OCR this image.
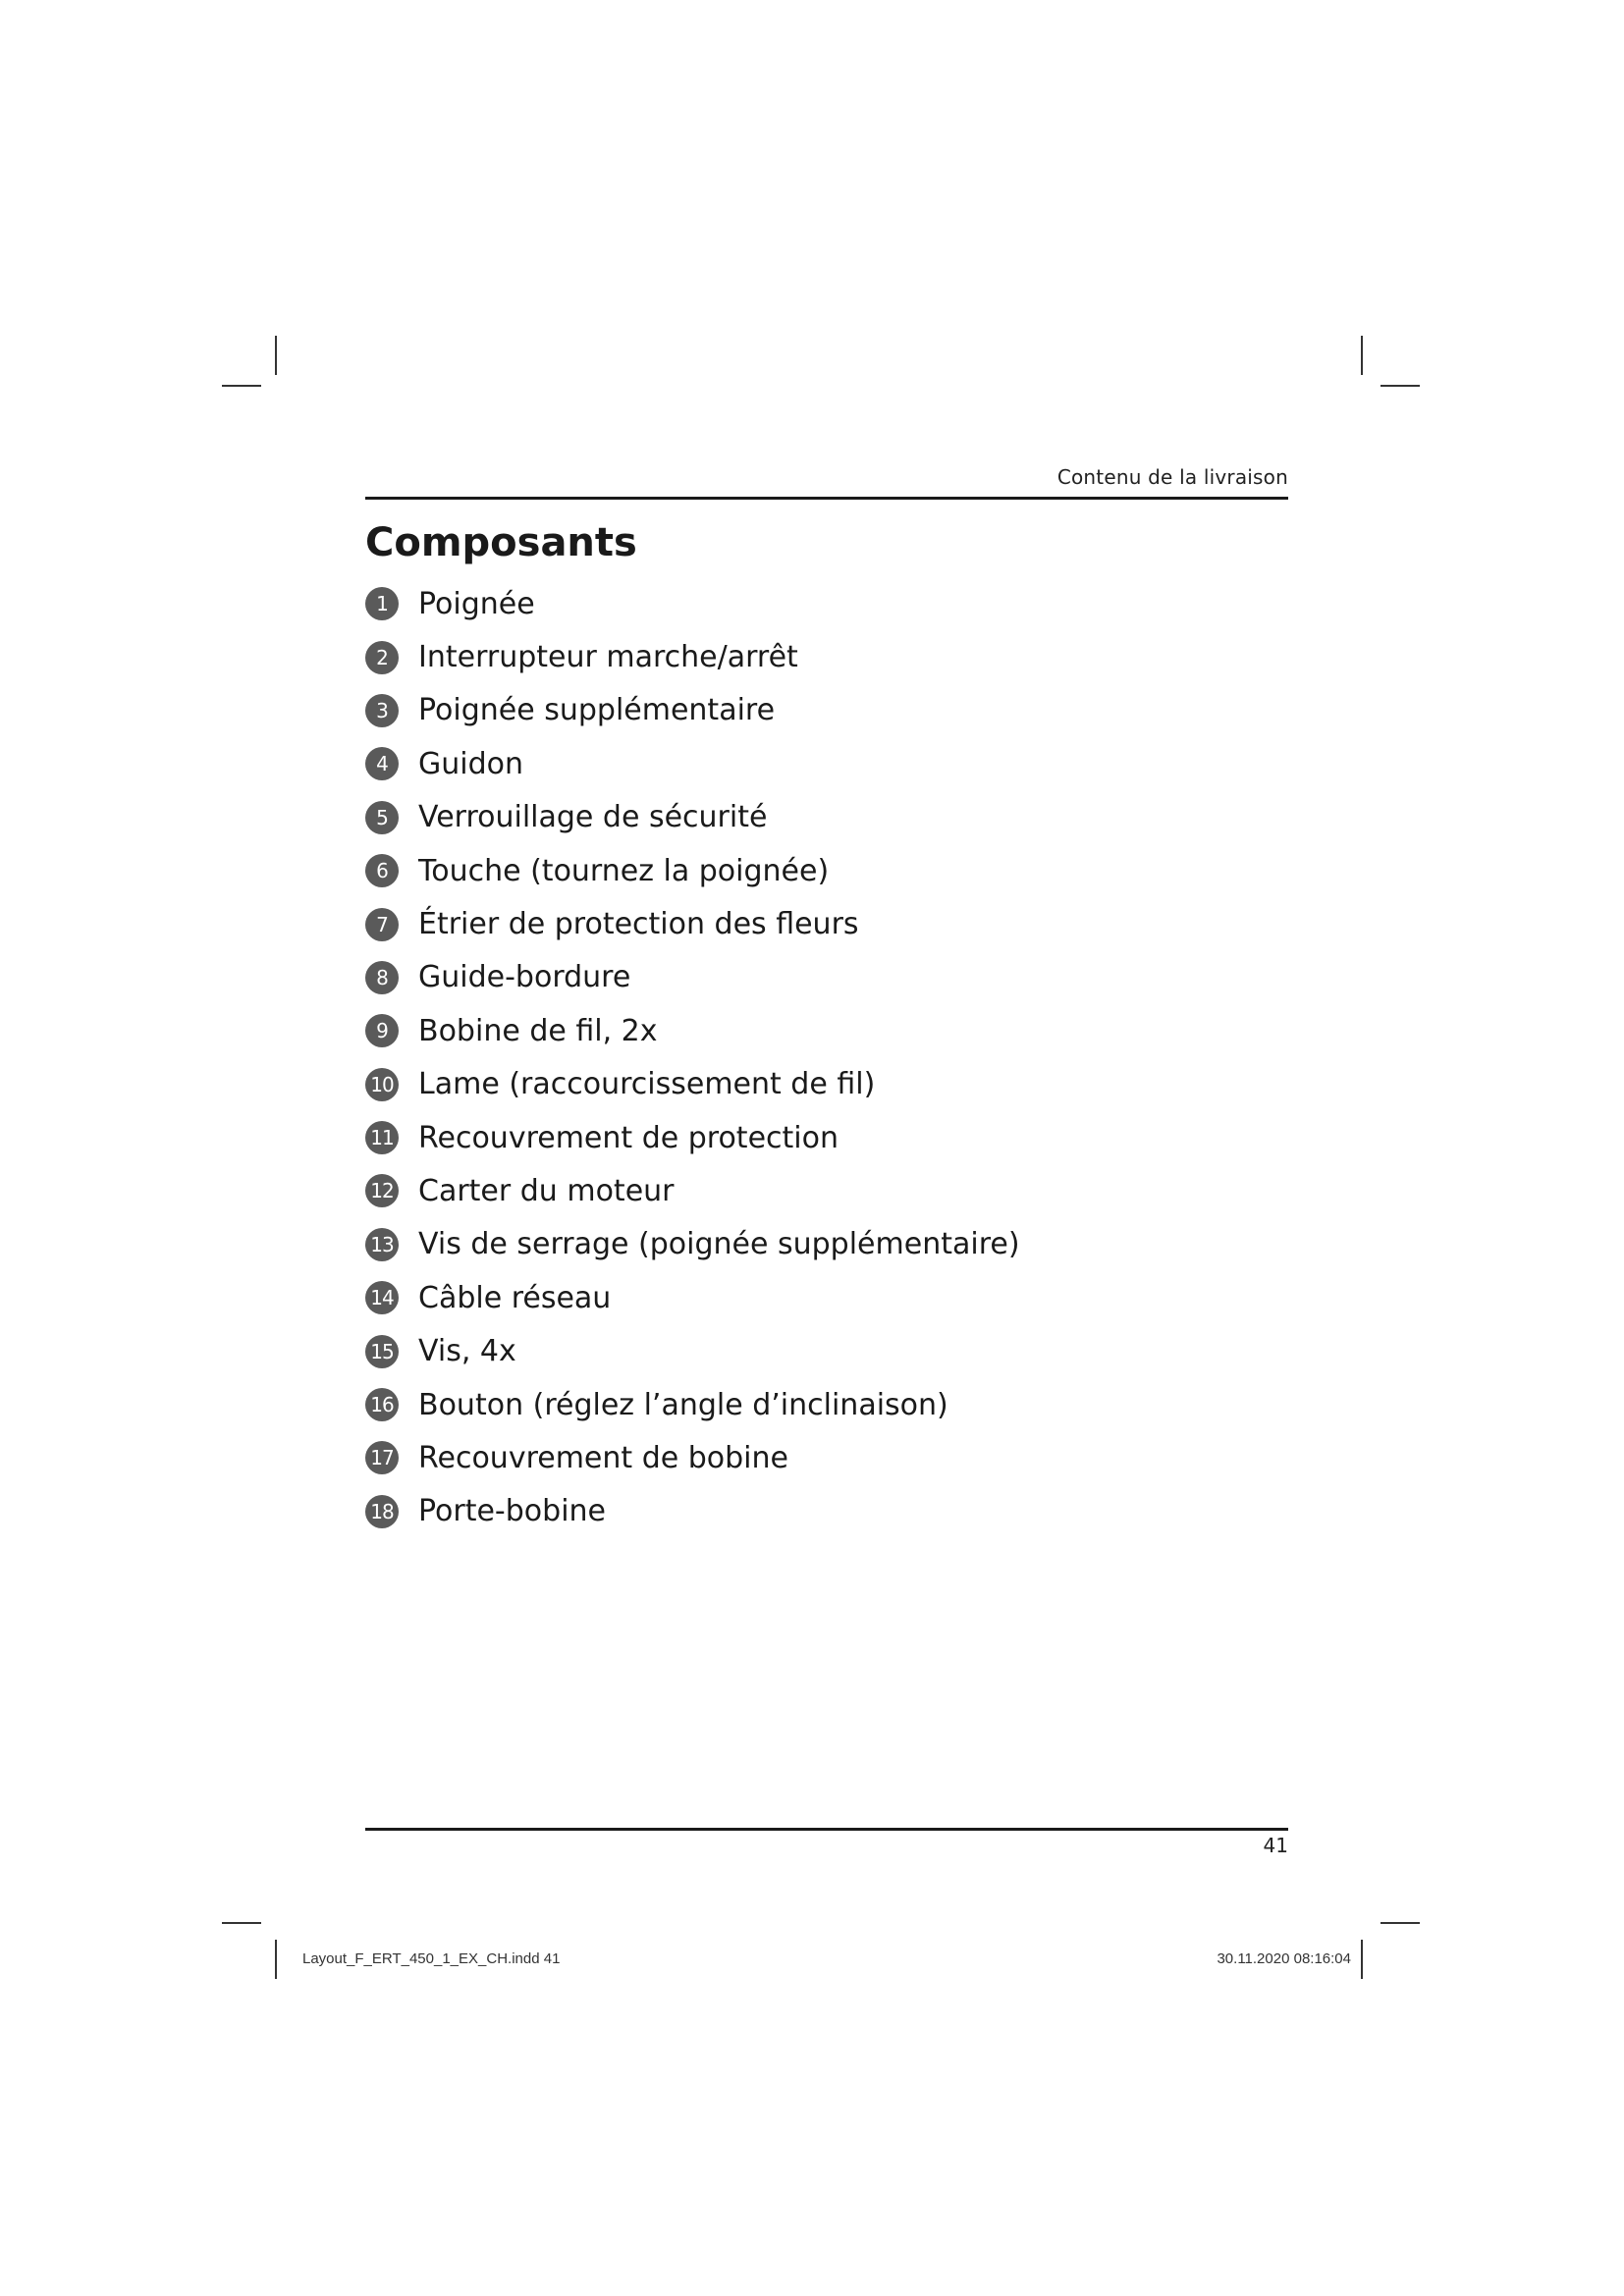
Contenu de la livraison
Composants
1	Poignée
2	Interrupteur marche/arrêt
3	Poignée supplémentaire
4	Guidon
5	Verrouillage de sécurité
6	Touche (tournez la poignée)
7	Étrier de protection des fleurs
8	Guide-bordure
9	Bobine de fil, 2x
10 Lame (raccourcissement de fil)
11 Recouvrement de protection
12 Carter du moteur
13 Vis de serrage (poignée supplémentaire)
14 Câble réseau
15 Vis, 4x
16 Bouton (réglez l’angle d’inclinaison)
17 Recouvrement de bobine
18 Porte-bobine
41
Layout_F_ERT_450_1_EX_CH.indd 41	30.11.2020 08:16:04
